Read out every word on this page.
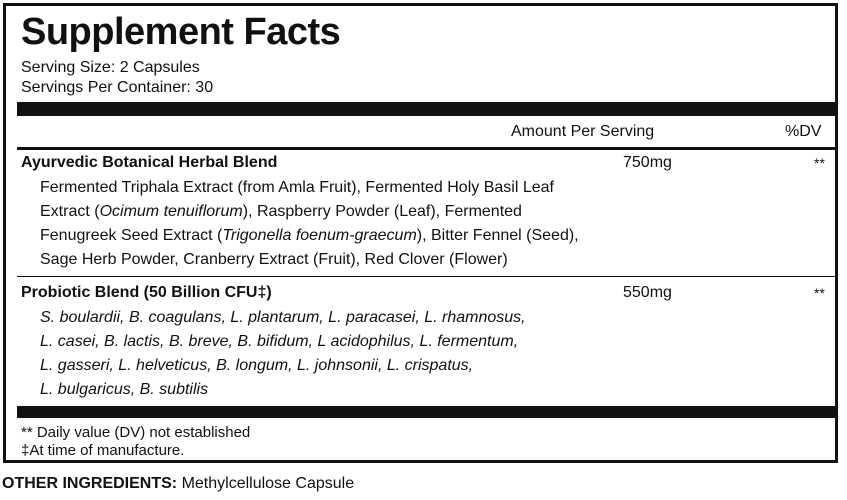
Supplement Facts
Serving Size: 2 Capsules
Servings Per Container: 30
Amount Per Serving	%DV
Ayurvedic Botanical Herbal Blend	750mg	**
Fermented Triphala Extract (from Amla Fruit), Fermented Holy Basil Leaf
Extract (Ocimum tenuiflorum), Raspberry Powder (Leaf), Fermented
Fenugreek Seed Extract (Trigonella foenum-graecum), Bitter Fennel (Seed),
Sage Herb Powder, Cranberry Extract (Fruit), Red Clover (Flower)
Probiotic Blend (50 Billion CFU‡)	550mg	**
S. boulardii, B. coagulans, L. plantarum, L. paracasei, L. rhamnosus,
L. casei, B. lactis, B. breve, B. bifidum, L acidophilus, L. fermentum,
L. gasseri, L. helveticus, B. longum, L. johnsonii, L. crispatus,
L. bulgaricus, B. subtilis
** Daily value (DV) not established
‡At time of manufacture.
OTHER INGREDIENTS: Methylcellulose Capsule
